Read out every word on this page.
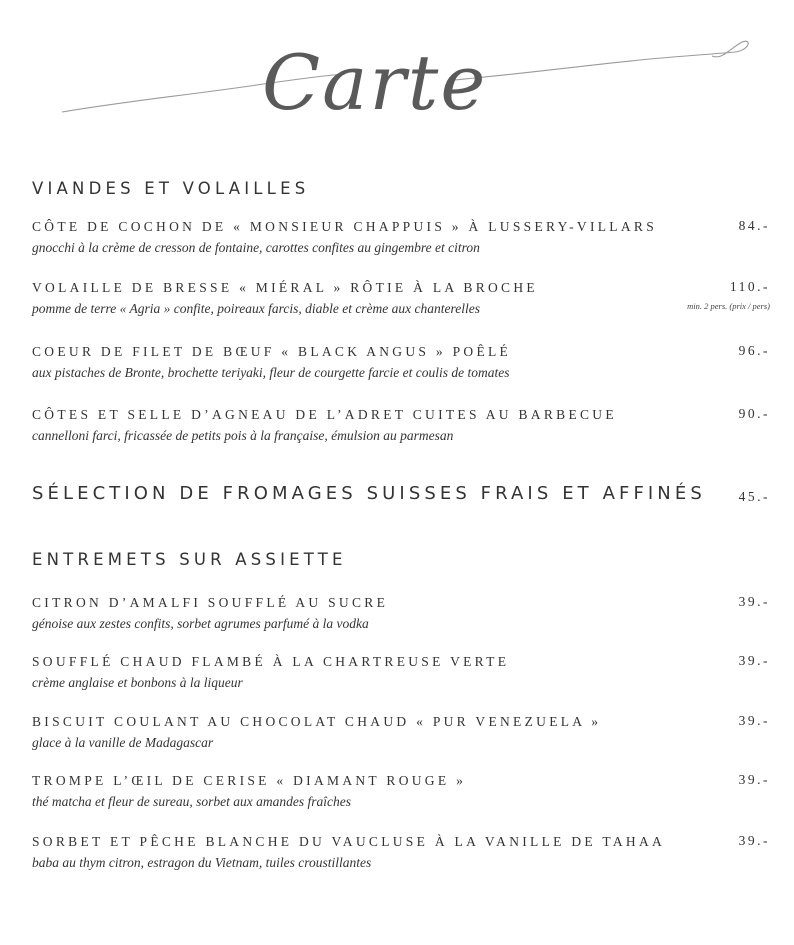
Carte
VIANDES ET VOLAILLES
CÔTE DE COCHON DE « MONSIEUR CHAPPUIS » À LUSSERY-VILLARS
gnocchi à la crème de cresson de fontaine, carottes confites au gingembre et citron
84.-
VOLAILLE DE BRESSE « MIÉRAL » RÔTIE À LA BROCHE
pomme de terre « Agria » confite, poireaux farcis, diable et crème aux chanterelles
110.-
min. 2 pers. (prix / pers)
COEUR DE FILET DE BŒUF « BLACK ANGUS » POÊLÉ
aux pistaches de Bronte, brochette teriyaki, fleur de courgette farcie et coulis de tomates
96.-
CÔTES ET SELLE D’AGNEAU DE L’ADRET CUITES AU BARBECUE
cannelloni farci, fricassée de petits pois à la française, émulsion au parmesan
90.-
SÉLECTION DE FROMAGES SUISSES FRAIS ET AFFINÉS 45.-
ENTREMETS SUR ASSIETTE
CITRON D’AMALFI SOUFFLÉ AU SUCRE
génoise aux zestes confits, sorbet agrumes parfumé à la vodka
39.-
SOUFFLÉ CHAUD FLAMBÉ À LA CHARTREUSE VERTE
crème anglaise et bonbons à la liqueur
39.-
BISCUIT COULANT AU CHOCOLAT CHAUD « PUR VENEZUELA »
glace à la vanille de Madagascar
39.-
TROMPE L’ŒIL DE CERISE « DIAMANT ROUGE »
thé matcha et fleur de sureau, sorbet aux amandes fraîches
39.-
SORBET ET PÊCHE BLANCHE DU VAUCLUSE À LA VANILLE DE TAHAA
baba au thym citron, estragon du Vietnam, tuiles croustillantes
39.-
